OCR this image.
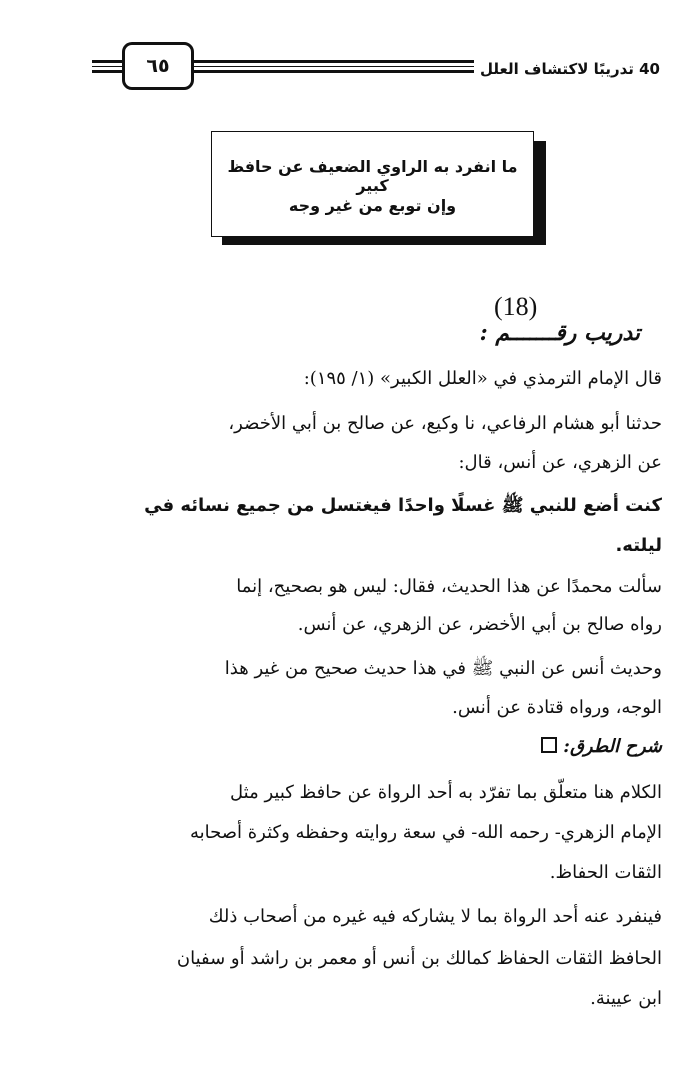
٦٥	40 تدريبًا لاكتشاف العلل
ما انفرد به الراوي الضعيف عن حافظ كبير
وإن توبع من غير وجه
(18)
تدريب رقـــــــم :
قال الإمام الترمذي في «العلل الكبير» (١/ ١٩٥):
حدثنا أبو هشام الرفاعي، نا وكيع، عن صالح بن أبي الأخضر،
عن الزهري، عن أنس، قال:
كنت أضع للنبي ﷺ غسلًا واحدًا فيغتسل من جميع نسائه في
ليلته.
سألت محمدًا عن هذا الحديث، فقال: ليس هو بصحيح، إنما
رواه صالح بن أبي الأخضر، عن الزهري، عن أنس.
وحديث أنس عن النبي ﷺ في هذا حديث صحيح من غير هذا
الوجه، ورواه قتادة عن أنس.
شرح الطرق:
الكلام هنا متعلّق بما تفرّد به أحد الرواة عن حافظ كبير مثل
الإمام الزهري- رحمه الله- في سعة روايته وحفظه وكثرة أصحابه
الثقات الحفاظ.
فينفرد عنه أحد الرواة بما لا يشاركه فيه غيره من أصحاب ذلك
الحافظ الثقات الحفاظ كمالك بن أنس أو معمر بن راشد أو سفيان
ابن عيينة.
